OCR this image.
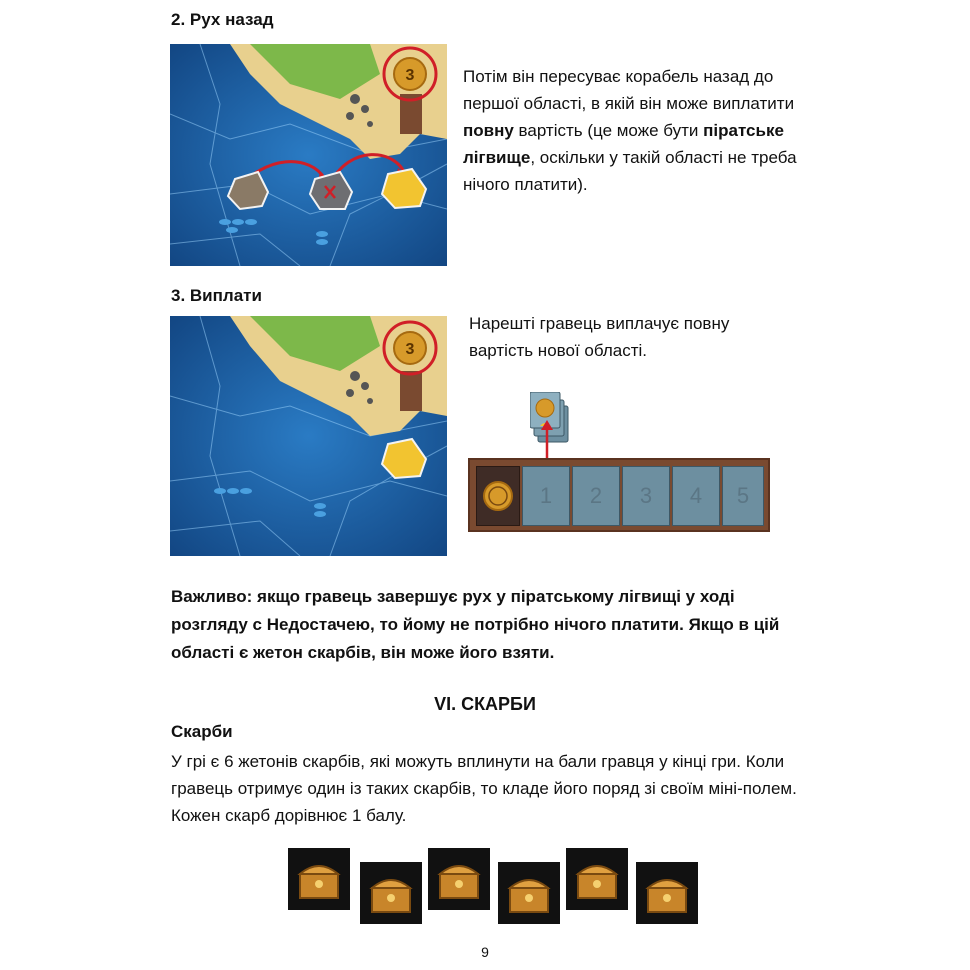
2. Рух назад
3	Потім він пересуває корабель назад до першої області, в якій він може виплатити повну вартість (це може бути піратське лігвище, оскільки у такій області не треба нічого платити).
3. Виплати
3
Нарешті гравець виплачує повну вартість нової області.
1	2	3	4	5
Важливо: якщо гравець завершує рух у піратському лігвищі у ході розгляду с Недостачею, то йому не потрібно нічого платити. Якщо в цій області є жетон скарбів, він може його взяти.
VI. СКАРБИ
Скарби
У грі є 6 жетонів скарбів, які можуть вплинути на бали гравця у кінці гри. Коли гравець отримує один із таких скарбів, то кладе його поряд зі своїм міні-полем. Кожен скарб дорівнює 1 балу.
9
